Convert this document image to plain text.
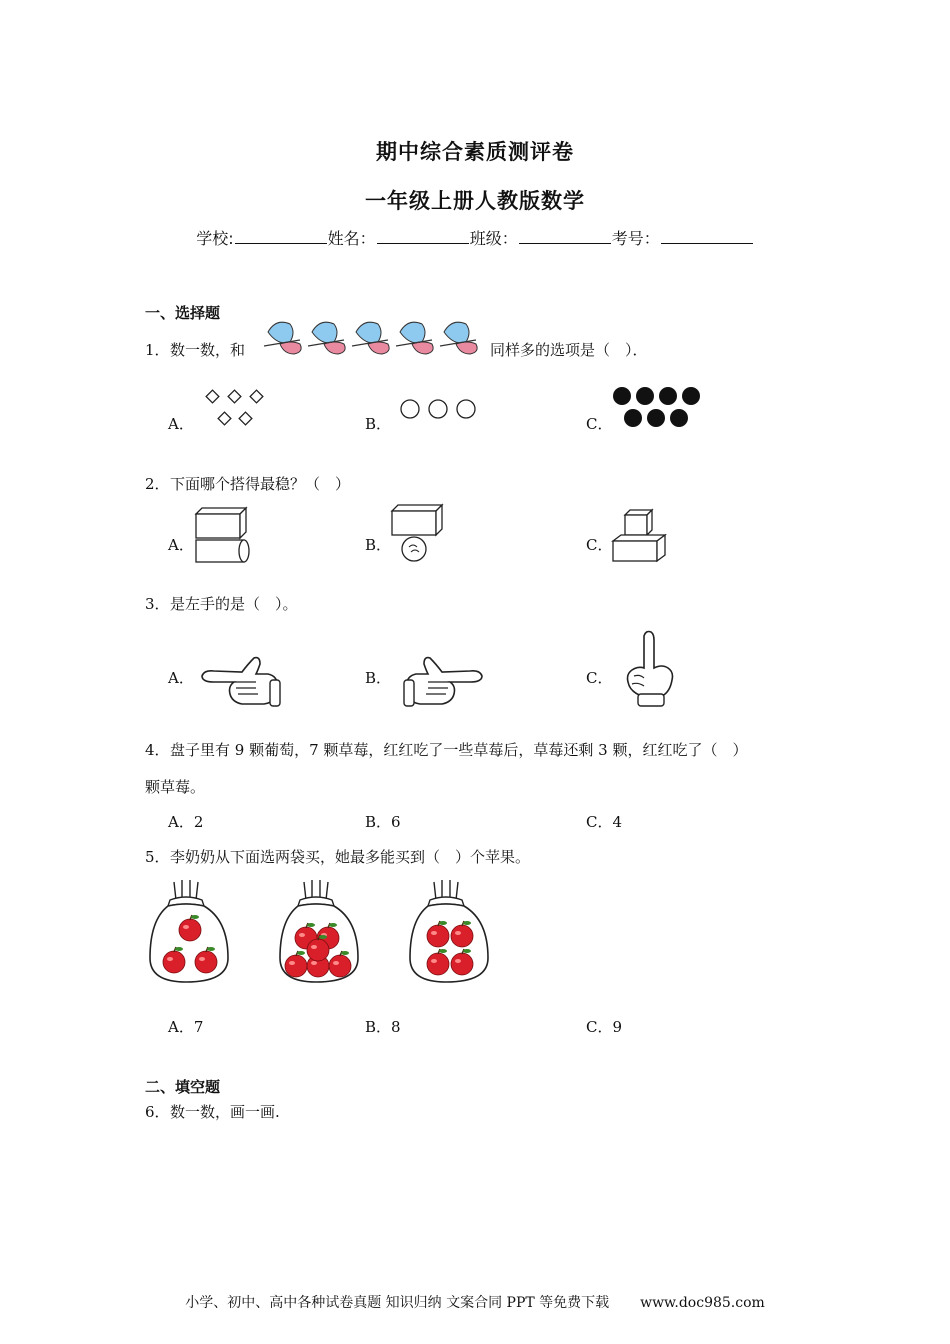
期中综合素质测评卷
一年级上册人教版数学
学校:	姓名：	班级：	考号：
一、选择题
1． 数一数，和	同样多的选项是（　）．
A．	B．	C．
2． 下面哪个搭得最稳？（　）
A．	B．	C．
3． 是左手的是（　）。
A．	B．	C．
4． 盘子里有 9 颗葡萄，7 颗草莓，红红吃了一些草莓后，草莓还剩 3 颗，红红吃了（　）
颗草莓。
A．2	B．6	C．4
5． 李奶奶从下面选两袋买，她最多能买到（　）个苹果。
A．7	B．8	C．9
二、填空题
6． 数一数，画一画.
小学、初中、高中各种试卷真题 知识归纳 文案合同 PPT 等免费下载 www.doc985.com
